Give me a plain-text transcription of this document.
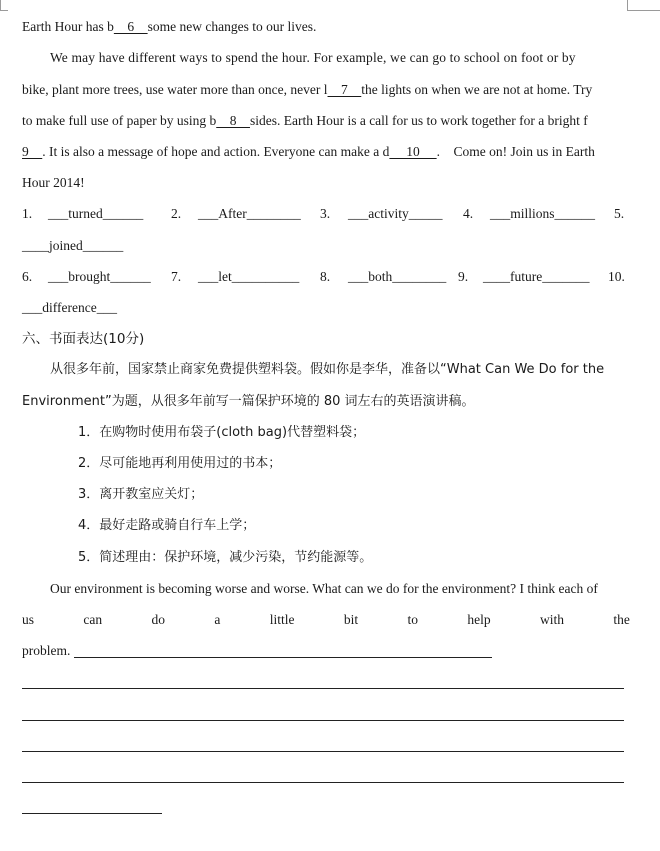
Earth Hour has b    6    some new changes to our lives.
We may have different ways to spend the hour. For example, we can go to school on foot or by
bike, plant more trees, use water more than once, never l    7    the lights on when we are not at home. Try
to make full use of paper by using b    8    sides. Earth Hour is a call for us to work together for a bright f
9    . It is also a message of hope and action. Everyone can make a d     10     .    Come on! Join us in Earth
Hour 2014!
1. ___turned______ 2. ___After________ 3. ___activity_____ 4. ___millions______ 5.
____joined______
6. ___brought______ 7. ___let__________ 8. ___both________ 9. ____future_______ 10.
___difference___
六、书面表达(10分)
从很多年前，国家禁止商家免费提供塑料袋。假如你是李华，准备以“What Can We Do for the
Environment”为题，从很多年前写一篇保护环境的 80 词左右的英语演讲稿。
1．在购物时使用布袋子(cloth bag)代替塑料袋；
2．尽可能地再利用使用过的书本；
3．离开教室应关灯；
4．最好走路或骑自行车上学；
5．简述理由：保护环境，减少污染，节约能源等。
Our environment is becoming worse and worse. What can we do for the environment? I think each of
us	can	do	a	little	bit	to	help	with	the
problem.
